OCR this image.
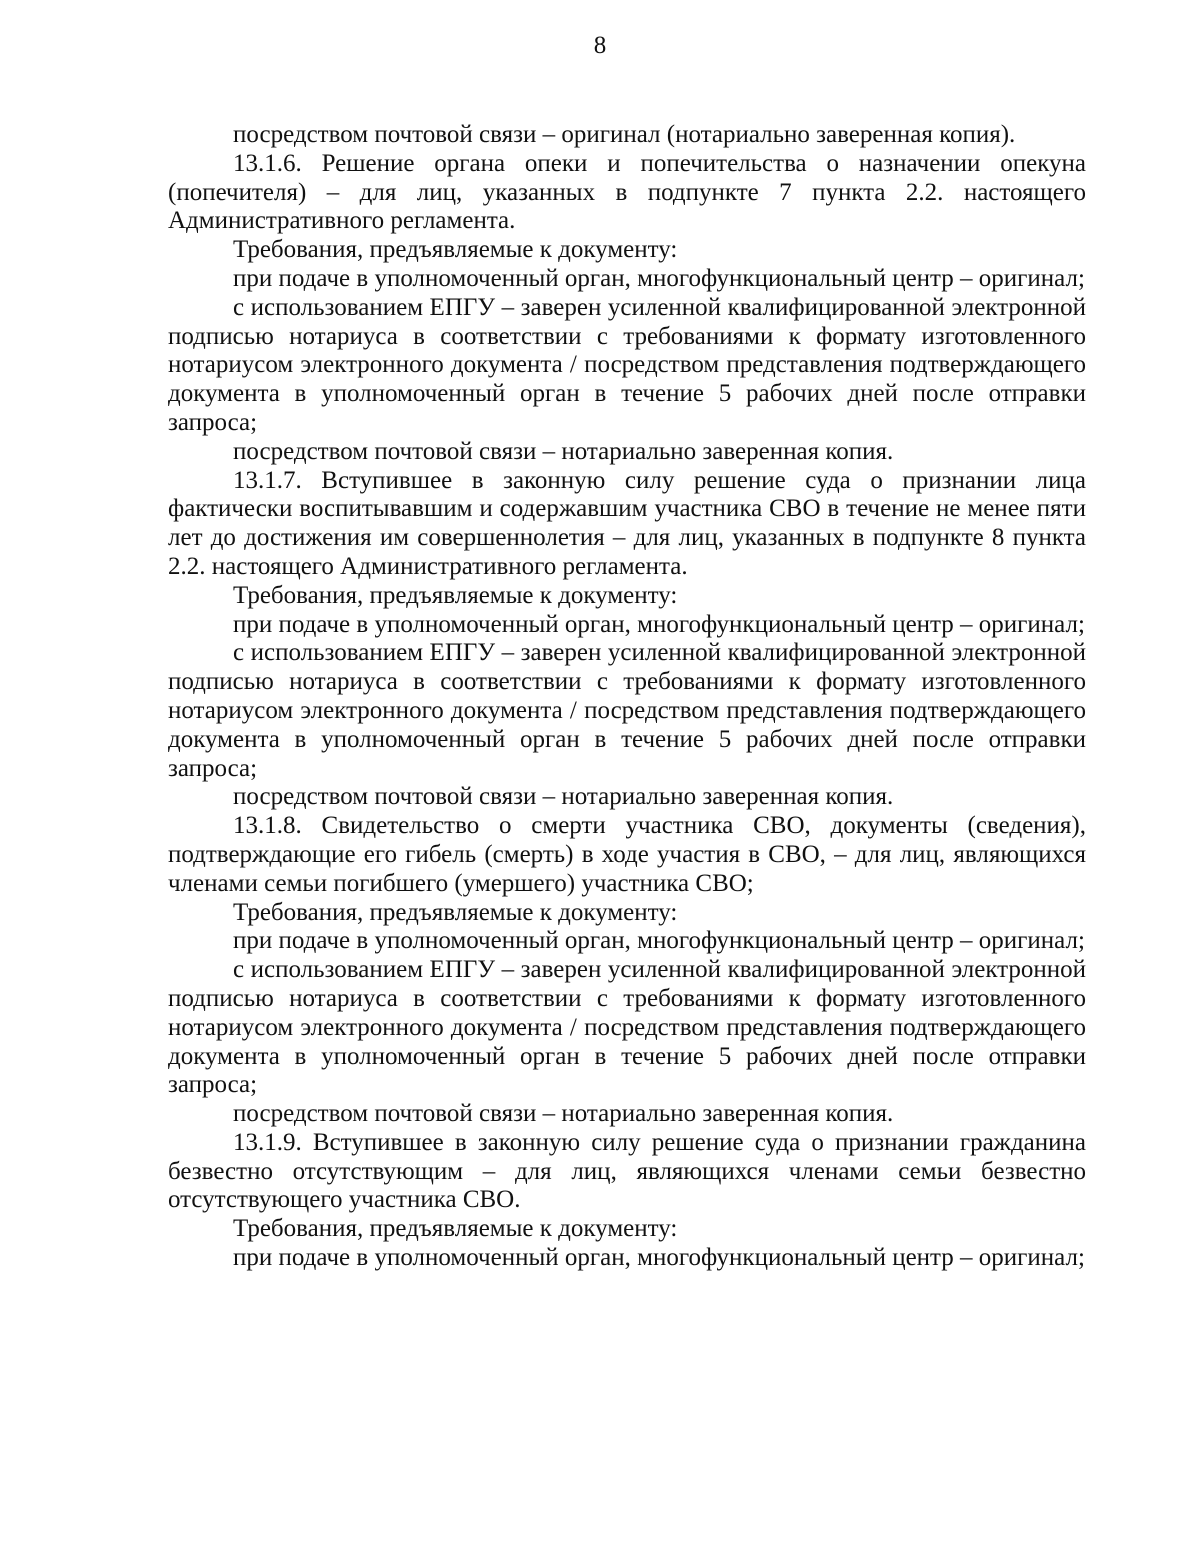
8

посредством почтовой связи – оригинал (нотариально заверенная копия).

13.1.6. Решение органа опеки и попечительства о назначении опекуна (попечителя) – для лиц, указанных в подпункте 7 пункта 2.2. настоящего Административного регламента.

Требования, предъявляемые к документу:

при подаче в уполномоченный орган, многофункциональный центр – оригинал;

с использованием ЕПГУ – заверен усиленной квалифицированной электронной подписью нотариуса в соответствии с требованиями к формату изготовленного нотариусом электронного документа / посредством представления подтверждающего документа в уполномоченный орган в течение 5 рабочих дней после отправки запроса;

посредством почтовой связи – нотариально заверенная копия.

13.1.7. Вступившее в законную силу решение суда о признании лица фактически воспитывавшим и содержавшим участника СВО в течение не менее пяти лет до достижения им совершеннолетия – для лиц, указанных в подпункте 8 пункта 2.2. настоящего Административного регламента.

Требования, предъявляемые к документу:

при подаче в уполномоченный орган, многофункциональный центр – оригинал;

с использованием ЕПГУ – заверен усиленной квалифицированной электронной подписью нотариуса в соответствии с требованиями к формату изготовленного нотариусом электронного документа / посредством представления подтверждающего документа в уполномоченный орган в течение 5 рабочих дней после отправки запроса;

посредством почтовой связи – нотариально заверенная копия.

13.1.8. Свидетельство о смерти участника СВО, документы (сведения), подтверждающие его гибель (смерть) в ходе участия в СВО, – для лиц, являющихся членами семьи погибшего (умершего) участника СВО;

Требования, предъявляемые к документу:

при подаче в уполномоченный орган, многофункциональный центр – оригинал;

с использованием ЕПГУ – заверен усиленной квалифицированной электронной подписью нотариуса в соответствии с требованиями к формату изготовленного нотариусом электронного документа / посредством представления подтверждающего документа в уполномоченный орган в течение 5 рабочих дней после отправки запроса;

посредством почтовой связи – нотариально заверенная копия.

13.1.9. Вступившее в законную силу решение суда о признании гражданина безвестно отсутствующим – для лиц, являющихся членами семьи безвестно отсутствующего участника СВО.

Требования, предъявляемые к документу:

при подаче в уполномоченный орган, многофункциональный центр – оригинал;
